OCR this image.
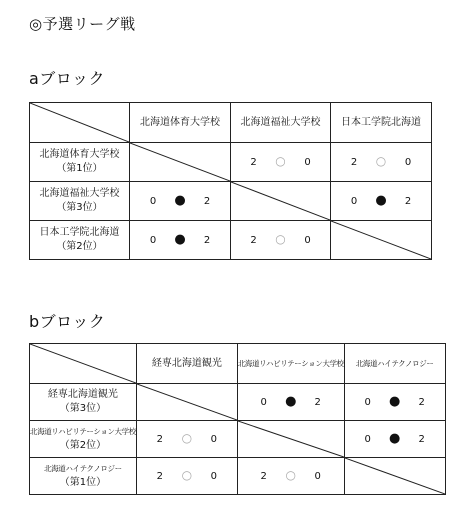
◎予選リーグ戦
aブロック
	北海道体育大学校	北海道福祉大学校	日本工学院北海道

北海道体育大学校
（第1位）		2 ○ 0	2 ○ 0

北海道福祉大学校
（第3位）	0 ● 2		0 ● 2

日本工学院北海道
（第2位）	0 ● 2	2 ○ 0	
bブロック
	経専北海道観光	北海道リハビリテーション大学校	北海道ハイテクノロジー

経専北海道観光
（第3位）		0 ● 2	0 ● 2

北海道リハビリテーション大学校
（第2位）	2 ○ 0		0 ● 2

北海道ハイテクノロジー
（第1位）	2 ○ 0	2 ○ 0	
